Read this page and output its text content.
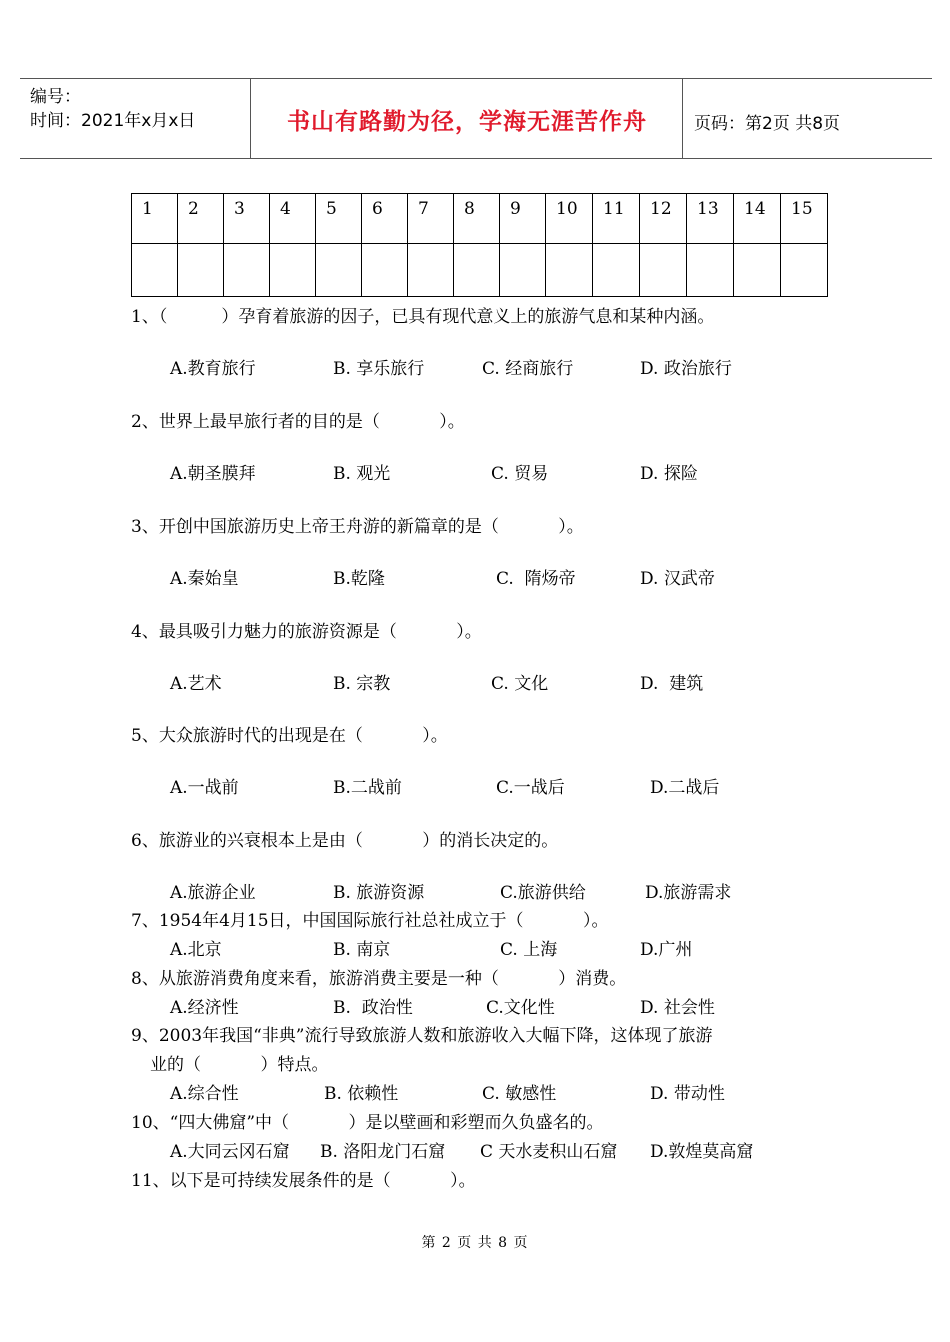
编号：
时间：2021年x月x日	书山有路勤为径，学海无涯苦作舟	页码：第2页 共8页
1	2	3	4	5	6	7	8	9	10	11	12	13	14	15

1、（          ）孕育着旅游的因子，已具有现代意义上的旅游气息和某种内涵。
A.教育旅行	B. 享乐旅行	C. 经商旅行	D. 政治旅行
2、世界上最早旅行者的目的是（           ）。
A.朝圣膜拜	B. 观光	C. 贸易	D. 探险
3、开创中国旅游历史上帝王舟游的新篇章的是（           ）。
A.秦始皇	B.乾隆	C.  隋炀帝	D. 汉武帝
4、最具吸引力魅力的旅游资源是（           ）。
A.艺术	B. 宗教	C. 文化	D.  建筑
5、大众旅游时代的出现是在（           ）。
A.一战前	B.二战前	C.一战后	D.二战后
6、旅游业的兴衰根本上是由（           ）的消长决定的。
A.旅游企业	B. 旅游资源	C.旅游供给	D.旅游需求
7、1954年4月15日，中国国际旅行社总社成立于（           ）。
A.北京	B. 南京	C. 上海	D.广州
8、从旅游消费角度来看，旅游消费主要是一种（           ）消费。
A.经济性	B.  政治性	C.文化性	D. 社会性
9、2003年我国“非典”流行导致旅游人数和旅游收入大幅下降，这体现了旅游
业的（           ）特点。
A.综合性	B. 依赖性	C. 敏感性	D. 带动性
10、“四大佛窟”中（           ）是以壁画和彩塑而久负盛名的。
A.大同云冈石窟 B. 洛阳龙门石窟 C 天水麦积山石窟 D.敦煌莫高窟
11、以下是可持续发展条件的是（           ）。
第 2 页 共 8 页
